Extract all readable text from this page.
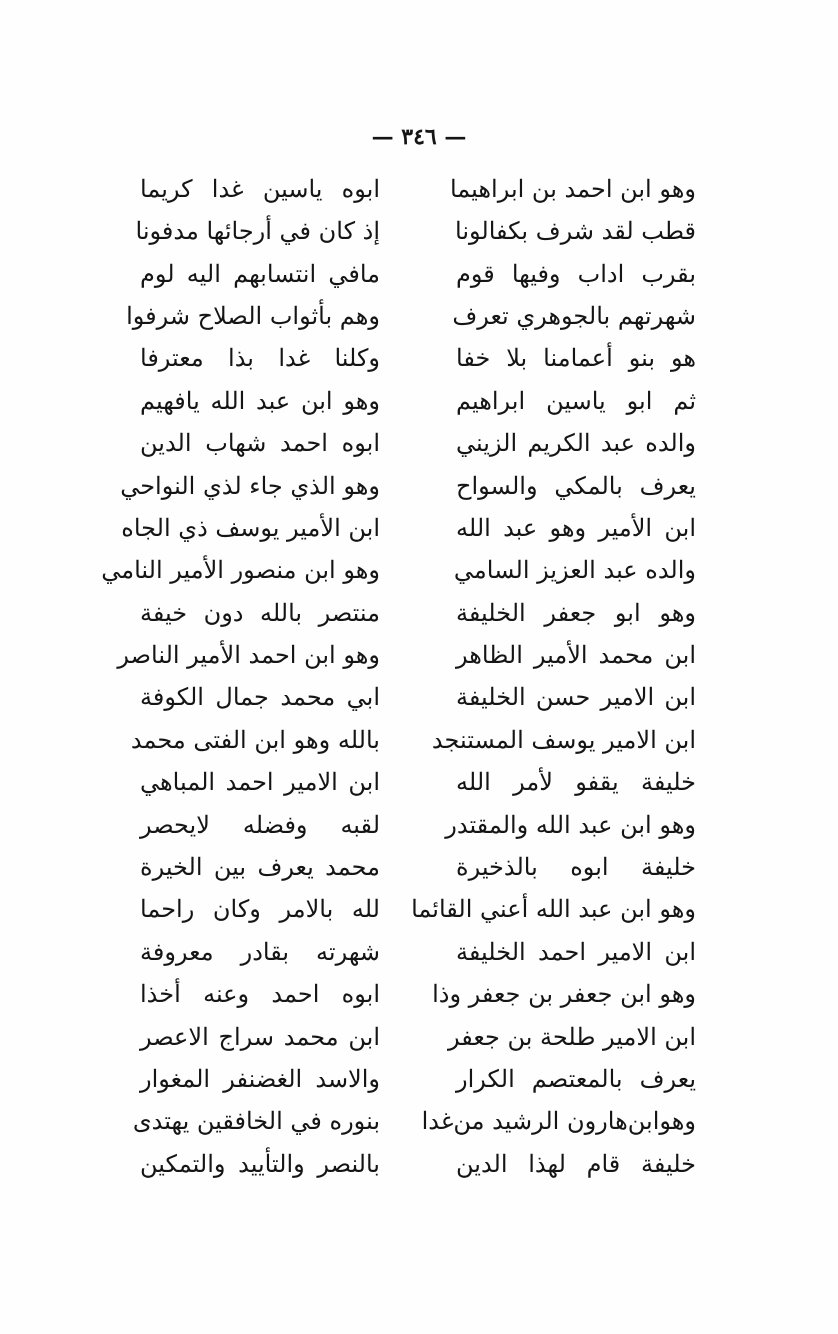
— ٣٤٦ —
وهو ابن احمد بن ابراهيما
ابوه ياسين غدا كريما
قطب لقد شرف بكفالونا
إذ كان في أرجائها مدفونا
بقرب اداب وفيها قوم
مافي انتسابهم اليه لوم
شهرتهم بالجوهري تعرف
وهم بأثواب الصلاح شرفوا
هو بنو أعمامنا بلا خفا
وكلنا غدا بذا معترفا
ثم ابو ياسين ابراهيم
وهو ابن عبد الله يافهيم
والده عبد الكريم الزيني
ابوه احمد شهاب الدين
يعرف بالمكي والسواح
وهو الذي جاء لذي النواحي
ابن الأمير وهو عبد الله
ابن الأمير يوسف ذي الجاه
والده عبد العزيز السامي
وهو ابن منصور الأمير النامي
وهو ابو جعفر الخليفة
منتصر بالله دون خيفة
ابن محمد الأمير الظاهر
وهو ابن احمد الأمير الناصر
ابن الامير حسن الخليفة
ابي محمد جمال الكوفة
ابن الامير يوسف المستنجد
بالله وهو ابن الفتى محمد
خليفة يقفو لأمر الله
ابن الامير احمد المباهي
وهو ابن عبد الله والمقتدر
لقبه وفضله لايحصر
خليفة ابوه بالذخيرة
محمد يعرف بين الخيرة
وهو ابن عبد الله أعني القائما
لله بالامر وكان راحما
ابن الامير احمد الخليفة
شهرته بقادر معروفة
وهو ابن جعفر بن جعفر وذا
ابوه احمد وعنه أخذا
ابن الامير طلحة بن جعفر
ابن محمد سراج الاعصر
يعرف بالمعتصم الكرار
والاسد الغضنفر المغوار
وهوابن‌هارون الرشيد من‌غدا
بنوره في الخافقين يهتدى
خليفة قام لهذا الدين
بالنصر والتأييد والتمكين
